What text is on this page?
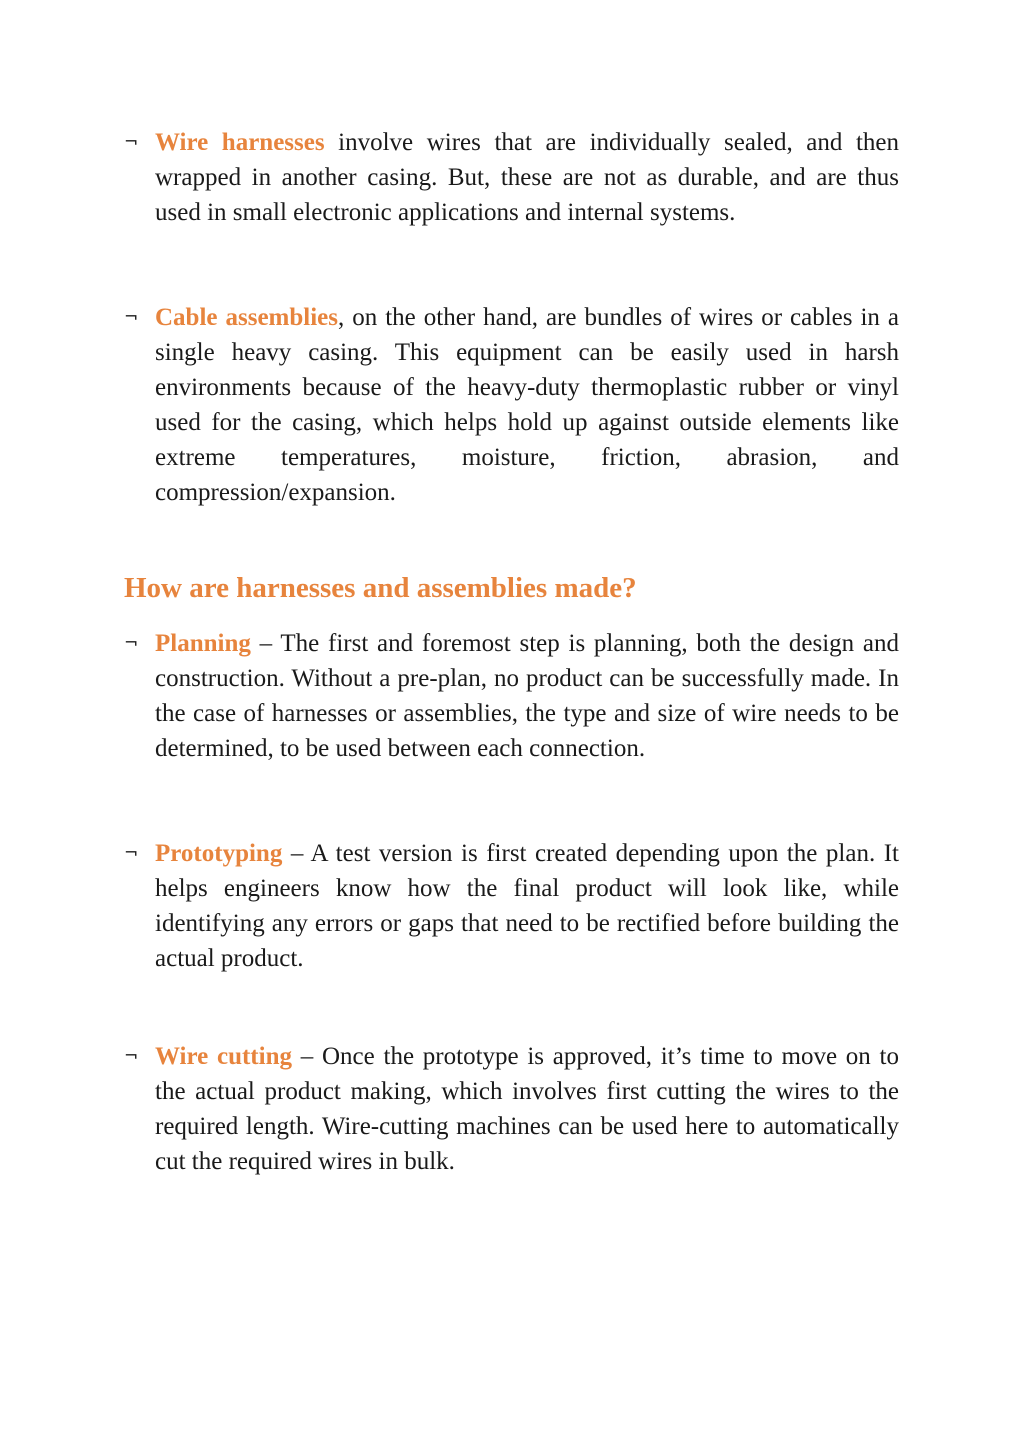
¬ Wire harnesses involve wires that are individually sealed, and then wrapped in another casing. But, these are not as durable, and are thus used in small electronic applications and internal systems.

¬ Cable assemblies, on the other hand, are bundles of wires or cables in a single heavy casing. This equipment can be easily used in harsh environments because of the heavy-duty thermoplastic rubber or vinyl used for the casing, which helps hold up against outside elements like extreme temperatures, moisture, friction, abrasion, and compression/expansion.

How are harnesses and assemblies made?
¬ Planning – The first and foremost step is planning, both the design and construction. Without a pre-plan, no product can be successfully made. In the case of harnesses or assemblies, the type and size of wire needs to be determined, to be used between each connection.

¬ Prototyping – A test version is first created depending upon the plan. It helps engineers know how the final product will look like, while identifying any errors or gaps that need to be rectified before building the actual product.

¬ Wire cutting – Once the prototype is approved, it’s time to move on to the actual product making, which involves first cutting the wires to the required length. Wire-cutting machines can be used here to automatically cut the required wires in bulk.
